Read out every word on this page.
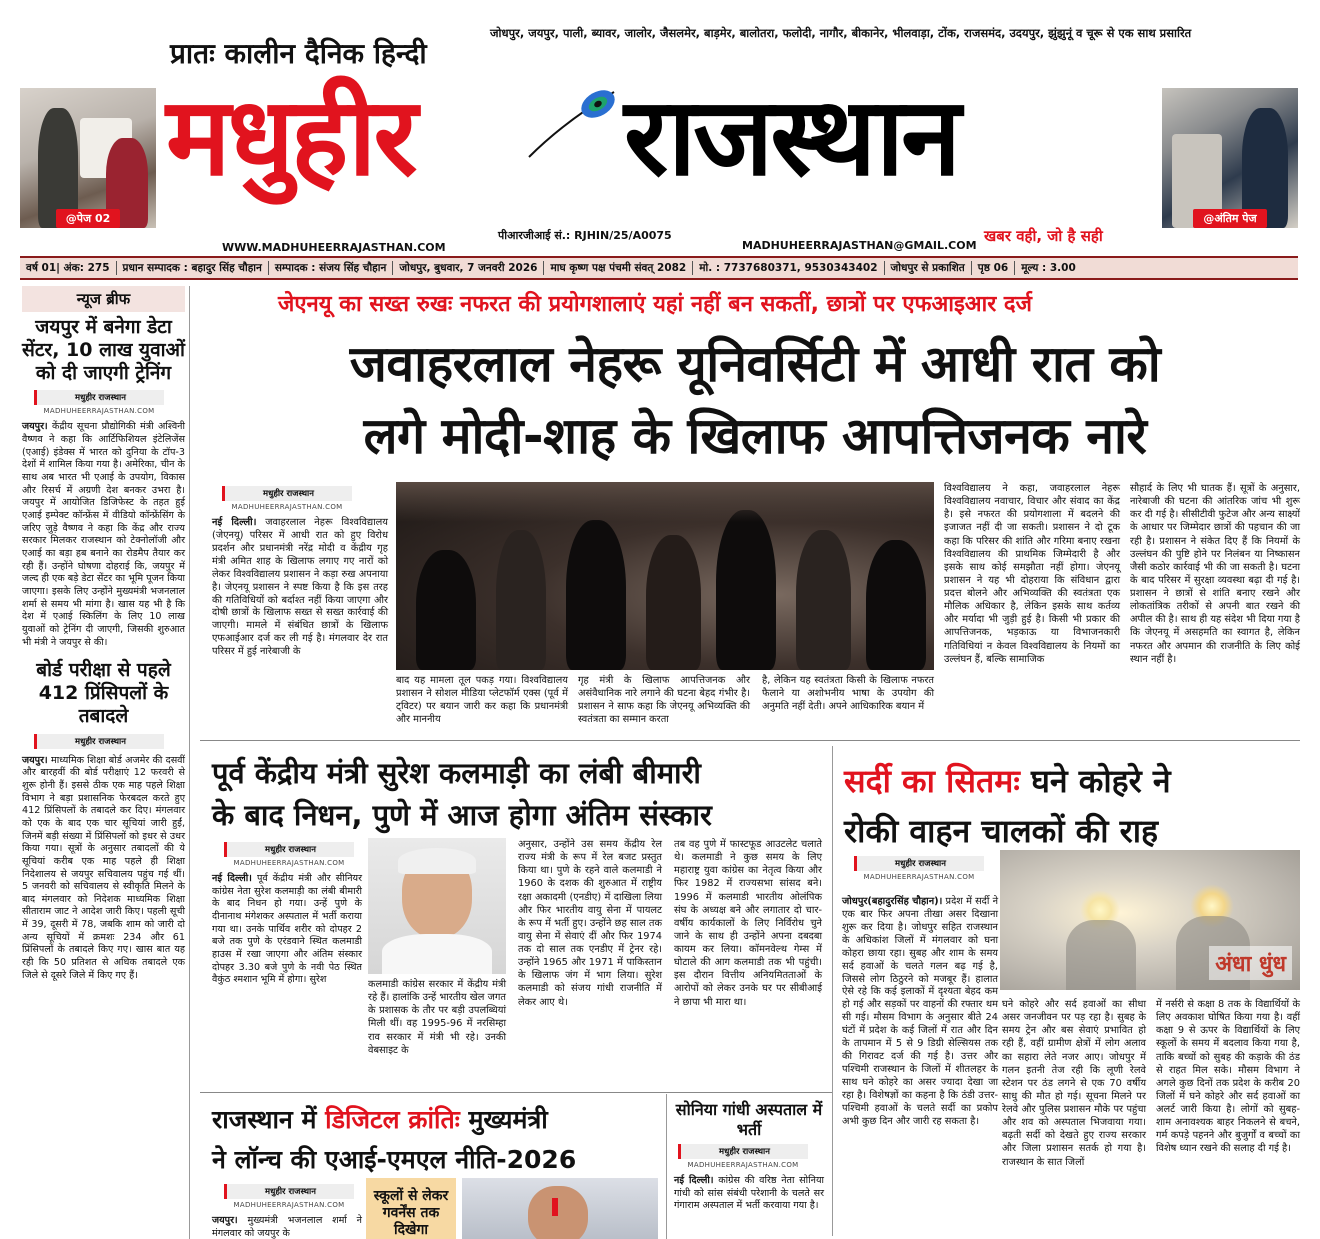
प्रातः कालीन दैनिक हिन्दी
जोधपुर, जयपुर, पाली, ब्यावर, जालोर, जैसलमेर, बाड़मेर, बालोतरा, फलोदी, नागौर, बीकानेर, भीलवाड़ा, टोंक, राजसमंद, उदयपुर, झुंझुनूं व चूरू से एक साथ प्रसारित
@पेज 02	@अंतिम पेज
मधुहीर राजस्थान
WWW.MADHUHEERRAJASTHAN.COM
पीआरजीआई सं.: RJHIN/25/A0075
MADHUHEERRAJASTHAN@GMAIL.COM
खबर वही, जो है सही
वर्ष 01| अंक: 275	प्रधान सम्पादक : बहादुर सिंह चौहान	सम्पादक : संजय सिंह चौहान	जोधपुर, बुधवार, 7 जनवरी 2026	माघ कृष्ण पक्ष पंचमी संवत् 2082	मो. : 7737680371, 9530343402	जोधपुर से प्रकाशित	पृष्ठ 06	मूल्य : 3.00
न्यूज ब्रीफ
जयपुर में बनेगा डेटा सेंटर, 10 लाख युवाओं को दी जाएगी ट्रेनिंग
मधुहीर राजस्थान
MADHUHEERRAJASTHAN.COM

जयपुर। केंद्रीय सूचना प्रौद्योगिकी मंत्री अश्विनी वैष्णव ने कहा कि आर्टिफिशियल इंटेलिजेंस (एआई) इंडेक्स में भारत को दुनिया के टॉप-3 देशों में शामिल किया गया है। अमेरिका, चीन के साथ अब भारत भी एआई के उपयोग, विकास और रिसर्च में अग्रणी देश बनकर उभरा है। जयपुर में आयोजित डिजिफेस्ट के तहत हुई एआई इम्पेक्ट कॉन्फ्रेंस में वीडियो कॉन्फ्रेंसिंग के जरिए जुड़े वैष्णव ने कहा कि केंद्र और राज्य सरकार मिलकर राजस्थान को टेक्नोलॉजी और एआई का बड़ा हब बनाने का रोडमैप तैयार कर रही हैं। उन्होंने घोषणा दोहराई कि, जयपुर में जल्द ही एक बड़े डेटा सेंटर का भूमि पूजन किया जाएगा। इसके लिए उन्होंने मुख्यमंत्री भजनलाल शर्मा से समय भी मांगा है। खास यह भी है कि देश में एआई स्किलिंग के लिए 10 लाख युवाओं को ट्रेनिंग दी जाएगी, जिसकी शुरुआत भी मंत्री ने जयपुर से की।

बोर्ड परीक्षा से पहले 412 प्रिंसिपलों के तबादले
मधुहीर राजस्थान

जयपुर। माध्यमिक शिक्षा बोर्ड अजमेर की दसवीं और बारहवीं की बोर्ड परीक्षाएं 12 फरवरी से शुरू होनी हैं। इससे ठीक एक माह पहले शिक्षा विभाग ने बड़ा प्रशासनिक फेरबदल करते हुए 412 प्रिंसिपलों के तबादले कर दिए। मंगलवार को एक के बाद एक चार सूचियां जारी हुईं, जिनमें बड़ी संख्या में प्रिंसिपलों को इधर से उधर किया गया। सूत्रों के अनुसार तबादलों की ये सूचियां करीब एक माह पहले ही शिक्षा निदेशालय से जयपुर सचिवालय पहुंच गई थीं। 5 जनवरी को सचिवालय से स्वीकृति मिलने के बाद मंगलवार को निदेशक माध्यमिक शिक्षा सीताराम जाट ने आदेश जारी किए। पहली सूची में 39, दूसरी में 78, जबकि शाम को जारी दो अन्य सूचियों में क्रमशः 234 और 61 प्रिंसिपलों के तबादले किए गए। खास बात यह रही कि 50 प्रतिशत से अधिक तबादले एक जिले से दूसरे जिले में किए गए हैं।

जेएनयू का सख्त रुखः नफरत की प्रयोगशालाएं यहां नहीं बन सकतीं, छात्रों पर एफआइआर दर्ज
जवाहरलाल नेहरू यूनिवर्सिटी में आधी रात को
लगे मोदी-शाह के खिलाफ आपत्तिजनक नारे
मधुहीर राजस्थान
MADHUHEERRAJASTHAN.COM

नई दिल्ली। जवाहरलाल नेहरू विश्वविद्यालय (जेएनयू) परिसर में आधी रात को हुए विरोध प्रदर्शन और प्रधानमंत्री नरेंद्र मोदी व केंद्रीय गृह मंत्री अमित शाह के खिलाफ लगाए गए नारों को लेकर विश्वविद्यालय प्रशासन ने कड़ा रुख अपनाया है। जेएनयू प्रशासन ने स्पष्ट किया है कि इस तरह की गतिविधियों को बर्दाश्त नहीं किया जाएगा और दोषी छात्रों के खिलाफ सख्त से सख्त कार्रवाई की जाएगी। मामले में संबंधित छात्रों के खिलाफ एफआईआर दर्ज कर ली गई है। मंगलवार देर रात परिसर में हुई नारेबाजी के

बाद यह मामला तूल पकड़ गया। विश्वविद्यालय प्रशासन ने सोशल मीडिया प्लेटफॉर्म एक्स (पूर्व में ट्विटर) पर बयान जारी कर कहा कि प्रधानमंत्री और माननीय

गृह मंत्री के खिलाफ आपत्तिजनक और असंवैधानिक नारे लगाने की घटना बेहद गंभीर है। प्रशासन ने साफ कहा कि जेएनयू अभिव्यक्ति की स्वतंत्रता का सम्मान करता

है, लेकिन यह स्वतंत्रता किसी के खिलाफ नफरत फैलाने या अशोभनीय भाषा के उपयोग की अनुमति नहीं देती। अपने आधिकारिक बयान में

विश्वविद्यालय ने कहा, जवाहरलाल नेहरू विश्वविद्यालय नवाचार, विचार और संवाद का केंद्र है। इसे नफरत की प्रयोगशाला में बदलने की इजाजत नहीं दी जा सकती। प्रशासन ने दो टूक कहा कि परिसर की शांति और गरिमा बनाए रखना विश्वविद्यालय की प्राथमिक जिम्मेदारी है और इसके साथ कोई समझौता नहीं होगा। जेएनयू प्रशासन ने यह भी दोहराया कि संविधान द्वारा प्रदत्त बोलने और अभिव्यक्ति की स्वतंत्रता एक मौलिक अधिकार है, लेकिन इसके साथ कर्तव्य और मर्यादा भी जुड़ी हुई है। किसी भी प्रकार की आपत्तिजनक, भड़काऊ या विभाजनकारी गतिविधियां न केवल विश्वविद्यालय के नियमों का उल्लंघन हैं, बल्कि सामाजिक

सौहार्द के लिए भी घातक हैं। सूत्रों के अनुसार, नारेबाजी की घटना की आंतरिक जांच भी शुरू कर दी गई है। सीसीटीवी फुटेज और अन्य साक्ष्यों के आधार पर जिम्मेदार छात्रों की पहचान की जा रही है। प्रशासन ने संकेत दिए हैं कि नियमों के उल्लंघन की पुष्टि होने पर निलंबन या निष्कासन जैसी कठोर कार्रवाई भी की जा सकती है। घटना के बाद परिसर में सुरक्षा व्यवस्था बढ़ा दी गई है। प्रशासन ने छात्रों से शांति बनाए रखने और लोकतांत्रिक तरीकों से अपनी बात रखने की अपील की है। साथ ही यह संदेश भी दिया गया है कि जेएनयू में असहमति का स्वागत है, लेकिन नफरत और अपमान की राजनीति के लिए कोई स्थान नहीं है।

पूर्व केंद्रीय मंत्री सुरेश कलमाड़ी का लंबी बीमारी
के बाद निधन, पुणे में आज होगा अंतिम संस्कार
मधुहीर राजस्थान
MADHUHEERRAJASTHAN.COM

नई दिल्ली। पूर्व केंद्रीय मंत्री और सीनियर कांग्रेस नेता सुरेश कलमाड़ी का लंबी बीमारी के बाद निधन हो गया। उन्हें पुणे के दीनानाथ मंगेशकर अस्पताल में भर्ती कराया गया था। उनके पार्थिव शरीर को दोपहर 2 बजे तक पुणे के एरंडवाने स्थित कलमाडी हाउस में रखा जाएगा और अंतिम संस्कार दोपहर 3.30 बजे पुणे के नवी पेठ स्थित वैकुंठ श्मशान भूमि में होगा। सुरेश	कलमाडी कांग्रेस सरकार में केंद्रीय मंत्री रहे हैं। हालांकि उन्हें भारतीय खेल जगत के प्रशासक के तौर पर बड़ी उपलब्धियां मिली थीं। वह 1995-96 में नरसिम्हा राव सरकार में मंत्री भी रहे। उनकी वेबसाइट के

अनुसार, उन्होंने उस समय केंद्रीय रेल राज्य मंत्री के रूप में रेल बजट प्रस्तुत किया था। पुणे के रहने वाले कलमाडी ने 1960 के दशक की शुरुआत में राष्ट्रीय रक्षा अकादमी (एनडीए) में दाखिला लिया और फिर भारतीय वायु सेना में पायलट के रूप में भर्ती हुए। उन्होंने छह साल तक वायु सेना में सेवाएं दीं और फिर 1974 तक दो साल तक एनडीए में ट्रेनर रहे। उन्होंने 1965 और 1971 में पाकिस्तान के खिलाफ जंग में भाग लिया। सुरेश कलमाडी को संजय गांधी राजनीति में लेकर आए थे।

तब वह पुणे में फास्टफूड आउटलेट चलाते थे। कलमाडी ने कुछ समय के लिए महाराष्ट्र युवा कांग्रेस का नेतृत्व किया और फिर 1982 में राज्यसभा सांसद बने। 1996 में कलमाडी भारतीय ओलंपिक संघ के अध्यक्ष बने और लगातार दो चार-वर्षीय कार्यकालों के लिए निर्विरोध चुने जाने के साथ ही उन्होंने अपना दबदबा कायम कर लिया। कॉमनवेल्थ गेम्स में घोटाले की आग कलमाडी तक भी पहुंची। इस दौरान वित्तीय अनियमितताओं के आरोपों को लेकर उनके घर पर सीबीआई ने छापा भी मारा था।

सर्दी का सितमः घने कोहरे ने
रोकी वाहन चालकों की राह
मधुहीर राजस्थान
MADHUHEERRAJASTHAN.COM
अंधा धुंध

जोधपुर(बहादुरसिंह चौहान)। प्रदेश में सर्दी ने एक बार फिर अपना तीखा असर दिखाना शुरू कर दिया है। जोधपुर सहित राजस्थान के अधिकांश जिलों में मंगलवार को घना कोहरा छाया रहा। सुबह और शाम के समय सर्द हवाओं के चलते गलन बढ़ गई है, जिससे लोग ठिठुरने को मजबूर हैं। हालात ऐसे रहे कि कई इलाकों में दृश्यता बेहद कम हो गई और सड़कों पर वाहनों की रफ्तार थम सी गई। मौसम विभाग के अनुसार बीते 24 घंटों में प्रदेश के कई जिलों में रात और दिन के तापमान में 5 से 9 डिग्री सेल्सियस तक की गिरावट दर्ज की गई है। उत्तर और पश्चिमी राजस्थान के जिलों में शीतलहर के साथ घने कोहरे का असर ज्यादा देखा जा रहा है। विशेषज्ञों का कहना है कि ठंडी उत्तर-पश्चिमी हवाओं के चलते सर्दी का प्रकोप अभी कुछ दिन और जारी रह सकता है।

घने कोहरे और सर्द हवाओं का सीधा असर जनजीवन पर पड़ रहा है। सुबह के समय ट्रेन और बस सेवाएं प्रभावित हो रही हैं, वहीं ग्रामीण क्षेत्रों में लोग अलाव का सहारा लेते नजर आए। जोधपुर में गलन इतनी तेज रही कि लूणी रेलवे स्टेशन पर ठंड लगने से एक 70 वर्षीय साधु की मौत हो गई। सूचना मिलने पर रेलवे और पुलिस प्रशासन मौके पर पहुंचा और शव को अस्पताल भिजवाया गया। बढ़ती सर्दी को देखते हुए राज्य सरकार और जिला प्रशासन सतर्क हो गया है। राजस्थान के सात जिलों

में नर्सरी से कक्षा 8 तक के विद्यार्थियों के लिए अवकाश घोषित किया गया है। वहीं कक्षा 9 से ऊपर के विद्यार्थियों के लिए स्कूलों के समय में बदलाव किया गया है, ताकि बच्चों को सुबह की कड़ाके की ठंड से राहत मिल सके। मौसम विभाग ने अगले कुछ दिनों तक प्रदेश के करीब 20 जिलों में घने कोहरे और सर्द हवाओं का अलर्ट जारी किया है। लोगों को सुबह-शाम अनावश्यक बाहर निकलने से बचने, गर्म कपड़े पहनने और बुजुर्गों व बच्चों का विशेष ध्यान रखने की सलाह दी गई है।

राजस्थान में डिजिटल क्रांतिः मुख्यमंत्री
ने लॉन्च की एआई-एमएल नीति-2026
मधुहीर राजस्थान
MADHUHEERRAJASTHAN.COM

जयपुर। मुख्यमंत्री भजनलाल शर्मा ने मंगलवार को जयपुर के

स्कूलों से लेकर गवर्नेंस तक दिखेगा
सोनिया गांधी अस्पताल में भर्ती
मधुहीर राजस्थान
MADHUHEERRAJASTHAN.COM

नई दिल्ली। कांग्रेस की वरिष्ठ नेता सोनिया गांधी को सांस संबंधी परेशानी के चलते सर गंगाराम अस्पताल में भर्ती करवाया गया है।
